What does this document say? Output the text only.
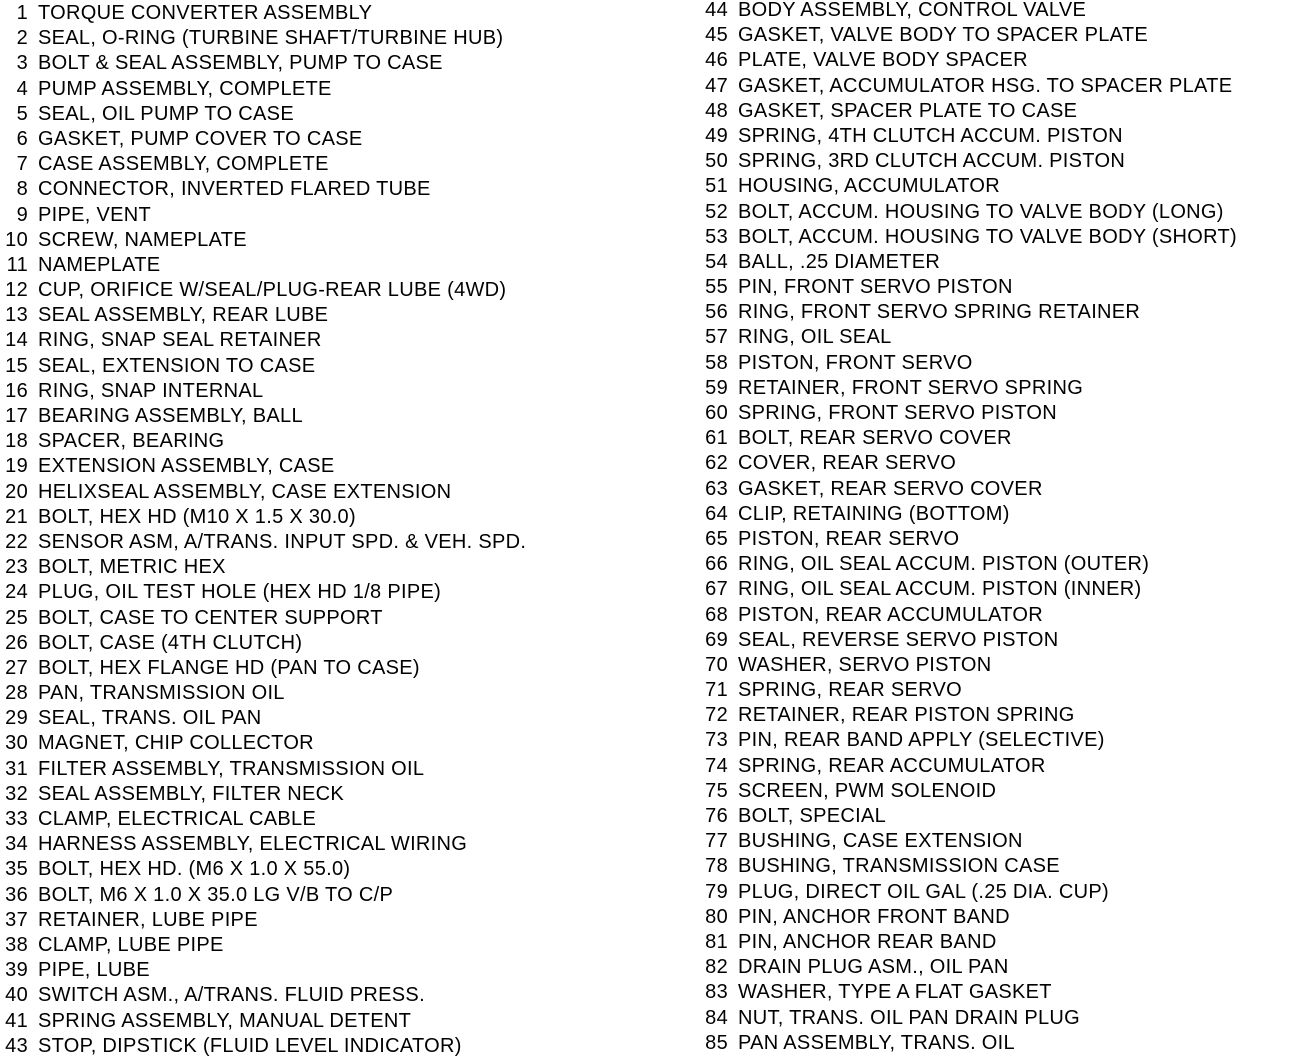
1 TORQUE CONVERTER ASSEMBLY
2 SEAL, O-RING (TURBINE SHAFT/TURBINE HUB)
3 BOLT & SEAL ASSEMBLY, PUMP TO CASE
4 PUMP ASSEMBLY, COMPLETE
5 SEAL, OIL PUMP TO CASE
6 GASKET, PUMP COVER TO CASE
7 CASE ASSEMBLY, COMPLETE
8 CONNECTOR, INVERTED FLARED TUBE
9 PIPE, VENT
10 SCREW, NAMEPLATE
11 NAMEPLATE
12 CUP, ORIFICE W/SEAL/PLUG-REAR LUBE (4WD)
13 SEAL ASSEMBLY, REAR LUBE
14 RING, SNAP SEAL RETAINER
15 SEAL, EXTENSION TO CASE
16 RING, SNAP INTERNAL
17 BEARING ASSEMBLY, BALL
18 SPACER, BEARING
19 EXTENSION ASSEMBLY, CASE
20 HELIXSEAL ASSEMBLY, CASE EXTENSION
21 BOLT, HEX HD (M10 X 1.5 X 30.0)
22 SENSOR ASM, A/TRANS. INPUT SPD. & VEH. SPD.
23 BOLT, METRIC HEX
24 PLUG, OIL TEST HOLE (HEX HD 1/8 PIPE)
25 BOLT, CASE TO CENTER SUPPORT
26 BOLT, CASE (4TH CLUTCH)
27 BOLT, HEX FLANGE HD (PAN TO CASE)
28 PAN, TRANSMISSION OIL
29 SEAL, TRANS. OIL PAN
30 MAGNET, CHIP COLLECTOR
31 FILTER ASSEMBLY, TRANSMISSION OIL
32 SEAL ASSEMBLY, FILTER NECK
33 CLAMP, ELECTRICAL CABLE
34 HARNESS ASSEMBLY, ELECTRICAL WIRING
35 BOLT, HEX HD. (M6 X 1.0 X 55.0)
36 BOLT, M6 X 1.0 X 35.0 LG V/B TO C/P
37 RETAINER, LUBE PIPE
38 CLAMP, LUBE PIPE
39 PIPE, LUBE
40 SWITCH ASM., A/TRANS. FLUID PRESS.
41 SPRING ASSEMBLY, MANUAL DETENT
43 STOP, DIPSTICK (FLUID LEVEL INDICATOR)
44 BODY ASSEMBLY, CONTROL VALVE
45 GASKET, VALVE BODY TO SPACER PLATE
46 PLATE, VALVE BODY SPACER
47 GASKET, ACCUMULATOR HSG. TO SPACER PLATE
48 GASKET, SPACER PLATE TO CASE
49 SPRING, 4TH CLUTCH ACCUM. PISTON
50 SPRING, 3RD CLUTCH ACCUM. PISTON
51 HOUSING, ACCUMULATOR
52 BOLT, ACCUM. HOUSING TO VALVE BODY (LONG)
53 BOLT, ACCUM. HOUSING TO VALVE BODY (SHORT)
54 BALL, .25 DIAMETER
55 PIN, FRONT SERVO PISTON
56 RING, FRONT SERVO SPRING RETAINER
57 RING, OIL SEAL
58 PISTON, FRONT SERVO
59 RETAINER, FRONT SERVO SPRING
60 SPRING, FRONT SERVO PISTON
61 BOLT, REAR SERVO COVER
62 COVER, REAR SERVO
63 GASKET, REAR SERVO COVER
64 CLIP, RETAINING (BOTTOM)
65 PISTON, REAR SERVO
66 RING, OIL SEAL ACCUM. PISTON (OUTER)
67 RING, OIL SEAL ACCUM. PISTON (INNER)
68 PISTON, REAR ACCUMULATOR
69 SEAL, REVERSE SERVO PISTON
70 WASHER, SERVO PISTON
71 SPRING, REAR SERVO
72 RETAINER, REAR PISTON SPRING
73 PIN, REAR BAND APPLY (SELECTIVE)
74 SPRING, REAR ACCUMULATOR
75 SCREEN, PWM SOLENOID
76 BOLT, SPECIAL
77 BUSHING, CASE EXTENSION
78 BUSHING, TRANSMISSION CASE
79 PLUG, DIRECT OIL GAL (.25 DIA. CUP)
80 PIN, ANCHOR FRONT BAND
81 PIN, ANCHOR REAR BAND
82 DRAIN PLUG ASM., OIL PAN
83 WASHER, TYPE A FLAT GASKET
84 NUT, TRANS. OIL PAN DRAIN PLUG
85 PAN ASSEMBLY, TRANS. OIL
